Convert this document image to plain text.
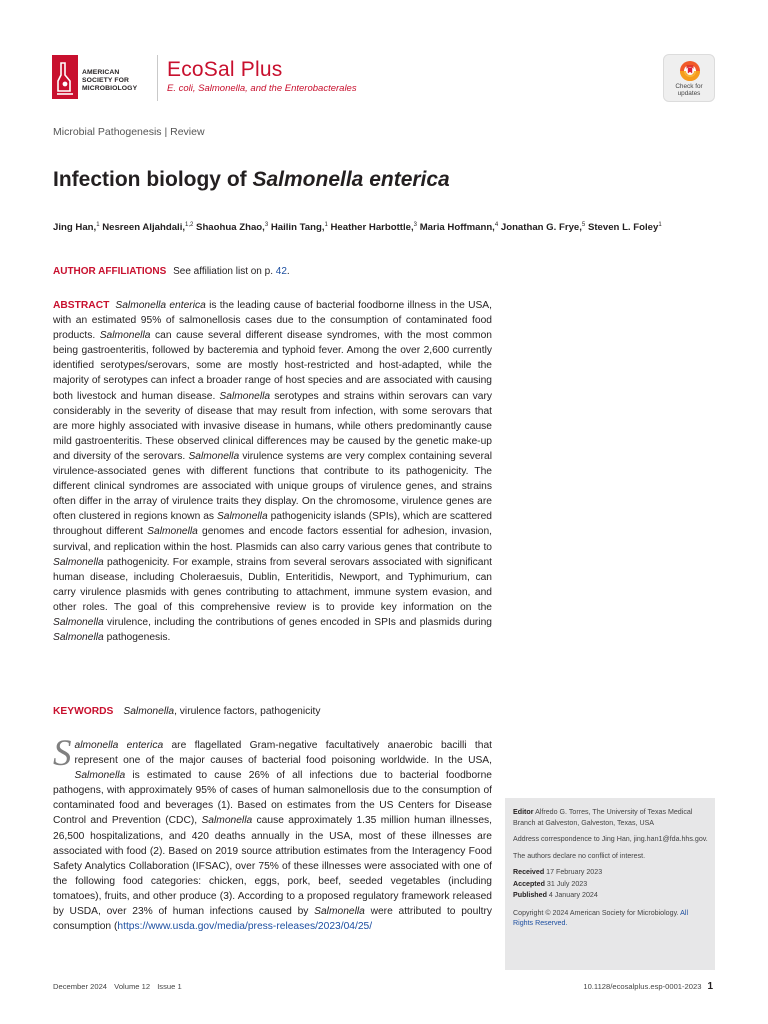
AMERICAN
SOCIETY FOR
MICROBIOLOGY
EcoSal Plus
E. coli, Salmonella, and the Enterobacterales	Check for
updates
Microbial Pathogenesis | Review
Infection biology of Salmonella enterica
Jing Han,$^1$ Nesreen Aljahdali,$^{1,2}$ Shaohua Zhao,$^3$ Hailin Tang,$^1$ Heather Harbottle,$^3$ Maria Hoffmann,$^4$ Jonathan G. Frye,$^5$ Steven L. Foley$^1$
AUTHOR AFFILIATIONS See affiliation list on p. 42.

ABSTRACT Salmonella enterica is the leading cause of bacterial foodborne illness in the USA, with an estimated 95% of salmonellosis cases due to the consumption of contaminated food products. Salmonella can cause several different disease syndromes, with the most common being gastroenteritis, followed by bacteremia and typhoid fever. Among the over 2,600 currently identified serotypes/serovars, some are mostly host-restricted and host-adapted, while the majority of serotypes can infect a broader range of host species and are associated with causing both livestock and human disease. Salmonella serotypes and strains within serovars can vary considerably in the severity of disease that may result from infection, with some serovars that are more highly associated with invasive disease in humans, while others predominantly cause mild gastroenteritis. These observed clinical differences may be caused by the genetic make-up and diversity of the serovars. Salmonella virulence systems are very complex containing several virulence-associated genes with different functions that contribute to its pathogenicity. The different clinical syndromes are associated with unique groups of virulence genes, and strains often differ in the array of virulence traits they display. On the chromosome, virulence genes are often clustered in regions known as Salmonella pathogenicity islands (SPIs), which are scattered throughout different Salmonella genomes and encode factors essential for adhesion, invasion, survival, and replication within the host. Plasmids can also carry various genes that contribute to Salmonella pathogenicity. For example, strains from several serovars associated with significant human disease, including Choleraesuis, Dublin, Enteritidis, Newport, and Typhimurium, can carry virulence plasmids with genes contributing to attachment, immune system evasion, and other roles. The goal of this comprehensive review is to provide key information on the Salmonella virulence, including the contributions of genes encoded in SPIs and plasmids during Salmonella pathogenesis.

KEYWORDS Salmonella, virulence factors, pathogenicity

Salmonella enterica are flagellated Gram-negative facultatively anaerobic bacilli that represent one of the major causes of bacterial food poisoning worldwide. In the USA, Salmonella is estimated to cause 26% of all infections due to bacterial foodborne pathogens, with approximately 95% of cases of human salmonellosis due to the consumption of contaminated food and beverages (1). Based on estimates from the US Centers for Disease Control and Prevention (CDC), Salmonella cause approximately 1.35 million human illnesses, 26,500 hospitalizations, and 420 deaths annually in the USA, most of these illnesses are associated with food (2). Based on 2019 source attribution estimates from the Interagency Food Safety Analytics Collaboration (IFSAC), over 75% of these illnesses were associated with one of the following food categories: chicken, eggs, pork, beef, seeded vegetables (including tomatoes), fruits, and other produce (3). According to a proposed regulatory framework released by USDA, over 23% of human infections caused by Salmonella were attributed to poultry consumption (https://www.usda.gov/media/press-releases/2023/04/25/

Editor Alfredo G. Torres, The University of Texas Medical Branch at Galveston, Galveston, Texas, USA

Address correspondence to Jing Han, jing.han1@fda.hhs.gov.

The authors declare no conflict of interest.

Received 17 February 2023
Accepted 31 July 2023
Published 4 January 2024

Copyright © 2024 American Society for Microbiology. All Rights Reserved.

December 2024 Volume 12 Issue 1	10.1128/ecosalplus.esp-0001-2023 1
